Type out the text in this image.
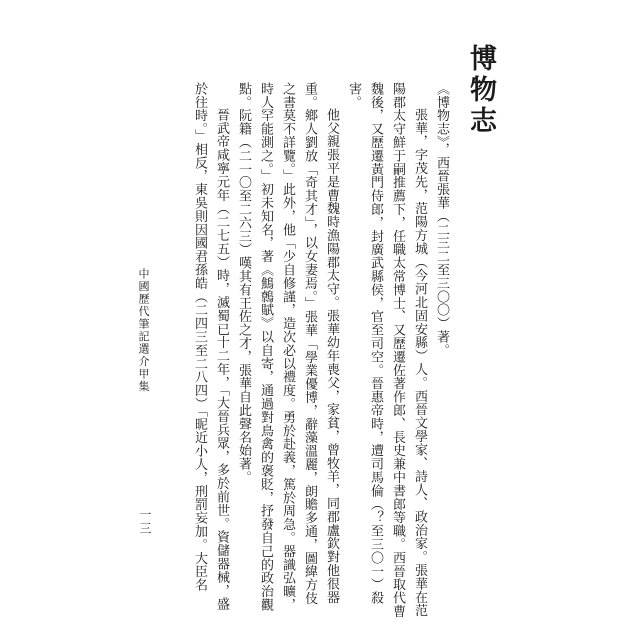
博物志

《博物志》，西晉張華（二三二至三〇〇）著。

張華，字茂先，范陽方城（今河北固安縣）人。西晉文學家、詩人、政治家。張華在范陽郡太守鮮于嗣推薦下，任職太常博士、又歷遷佐著作郎、長史兼中書郎等職。西晉取代曹魏後，又歷遷黃門侍郎，封廣武縣侯，官至司空。晉惠帝時，遭司馬倫（？至三〇一）殺害。

他父親張平是曹魏時漁陽郡太守。張華幼年喪父，家貧，曾牧羊，同郡盧欽對他很器重。鄉人劉放「奇其才」，以女妻焉。」張華「學業優博，辭藻溫麗，朗贍多通，圖緯方伎之書莫不詳覽。」此外，他「少自修謹，造次必以禮度。勇於赴義，篤於周急。器識弘曠，時人罕能測之。」初未知名，著《鷦鷯賦》以自寄，通過對鳥禽的褒貶，抒發自己的政治觀點。阮籍（二一〇至二六三）嘆其有王佐之才，張華自此聲名始著。

晉武帝咸寧元年（二七五）時，滅蜀已十二年，「大晉兵眾，多於前世。資儲器械，盛於往時。」相反，東吳則因國君孫皓（二四三至二八四）「昵近小人，刑罰妄加。大臣名

中國歷代筆記選介甲集
一三
